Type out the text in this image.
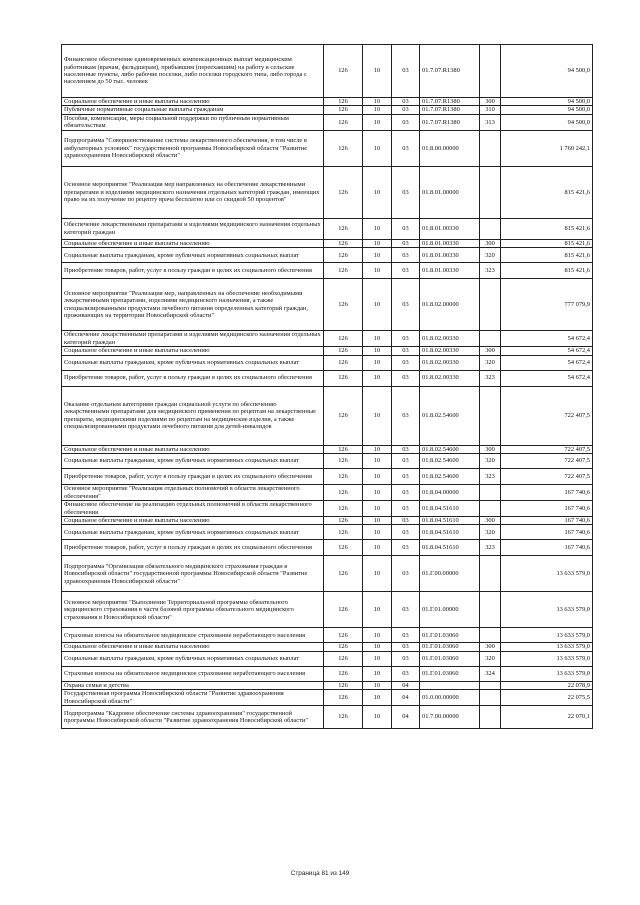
Финансовое обеспечение единовременных компенсационных выплат медицинским работникам (врачам, фельдшерам), прибывшим (переехавшим) на работу в сельские населенные пункты, либо рабочие поселки, либо поселки городского типа, либо города с населением до 50 тыс. человек	126	10	03	01.7.07.R1380		94 500,0
Социальное обеспечение и иные выплаты населению	126	10	03	01.7.07.R1380	300	94 500,0
Публичные нормативные социальные выплаты гражданам	126	10	03	01.7.07.R1380	310	94 500,0
Пособия, компенсации, меры социальной поддержки по публичным нормативным обязательствам	126	10	03	01.7.07.R1380	313	94 500,0
Подпрограмма "Совершенствование системы лекарственного обеспечения, в том числе в амбулаторных условиях" государственной программы Новосибирской области "Развитие здравоохранения Новосибирской области"	126	10	03	01.8.00.00000		1 760 242,1
Основное мероприятие "Реализация мер направленных на обеспечение лекарственными препаратами и изделиями медицинского назначения отдельных категорий граждан, имеющих право на их получение по рецепту врача бесплатно или со скидкой 50 процентов"	126	10	03	01.8.01.00000		815 421,6
Обеспечение лекарственными препаратами и изделиями медицинского назначения отдельных категорий граждан	126	10	03	01.8.01.00330		815 421,6
Социальное обеспечение и иные выплаты населению	126	10	03	01.8.01.00330	300	815 421,6
Социальные выплаты гражданам, кроме публичных нормативных социальных выплат	126	10	03	01.8.01.00330	320	815 421,6
Приобретение товаров, работ, услуг в пользу граждан в целях их социального обеспечения	126	10	03	01.8.01.00330	323	815 421,6
Основное мероприятие "Реализация мер, направленных на обеспечение необходимыми лекарственными препаратами, изделиями медицинского назначения, а также специализированными продуктами лечебного питания определенных категорий граждан, проживающих на территории Новосибирской области"	126	10	03	01.8.02.00000		777 079,9
Обеспечение лекарственными препаратами и изделиями медицинского назначения отдельных категорий граждан	126	10	03	01.8.02.00330		54 672,4
Социальное обеспечение и иные выплаты населению	126	10	03	01.8.02.00330	300	54 672,4
Социальные выплаты гражданам, кроме публичных нормативных социальных выплат	126	10	03	01.8.02.00330	320	54 672,4
Приобретение товаров, работ, услуг в пользу граждан в целях их социального обеспечения	126	10	03	01.8.02.00330	323	54 672,4
Оказание отдельным категориям граждан социальной услуги по обеспечению лекарственными препаратами для медицинского применения по рецептам на лекарственные препараты, медицинскими изделиями по рецептам на медицинские изделия, а также специализированными продуктами лечебного питания для детей-инвалидов	126	10	03	01.8.02.54600		722 407,5
Социальное обеспечение и иные выплаты населению	126	10	03	01.8.02.54600	300	722 407,5
Социальные выплаты гражданам, кроме публичных нормативных социальных выплат	126	10	03	01.8.02.54600	320	722 407,5
Приобретение товаров, работ, услуг в пользу граждан в целях их социального обеспечения	126	10	03	01.8.02.54600	323	722 407,5
Основное мероприятие "Реализация отдельных полномочий в области лекарственного обеспечения"	126	10	03	01.8.04.00000		167 740,6
Финансовое обеспечение на реализацию отдельных полномочий в области лекарственного обеспечения	126	10	03	01.8.04.51610		167 740,6
Социальное обеспечение и иные выплаты населению	126	10	03	01.8.04.51610	300	167 740,6
Социальные выплаты гражданам, кроме публичных нормативных социальных выплат	126	10	03	01.8.04.51610	320	167 740,6
Приобретение товаров, работ, услуг в пользу граждан в целях их социального обеспечения	126	10	03	01.8.04.51610	323	167 740,6
Подпрограмма "Организация обязательного медицинского страхования граждан в Новосибирской области" государственной программы Новосибирской области "Развитие здравоохранения Новосибирской области"	126	10	03	01.Г.00.00000		13 633 579,0
Основное мероприятие "Выполнение Территориальной программы обязательного медицинского страхования в части базовой программы обязательного медицинского страхования в Новосибирской области"	126	10	03	01.Г.01.00000		13 633 579,0
Страховые взносы на обязательное медицинское страхование неработающего населения	126	10	03	01.Г.01.03060		13 633 579,0
Социальное обеспечение и иные выплаты населению	126	10	03	01.Г.01.03060	300	13 633 579,0
Социальные выплаты гражданам, кроме публичных нормативных социальных выплат	126	10	03	01.Г.01.03060	320	13 633 579,0
Страховые взносы на обязательное медицинское страхование неработающего населения	126	10	03	01.Г.01.03060	324	13 633 579,0
Охрана семьи и детства	126	10	04			22 078,9
Государственная программа Новосибирской области "Развитие здравоохранения Новосибирской области"	126	10	04	01.0.00.00000		22 075,5
Подпрограмма "Кадровое обеспечение системы здравоохранения" государственной программы Новосибирской области "Развитие здравоохранения Новосибирской области"	126	10	04	01.7.00.00000		22 070,1
Страница 81 из 149
